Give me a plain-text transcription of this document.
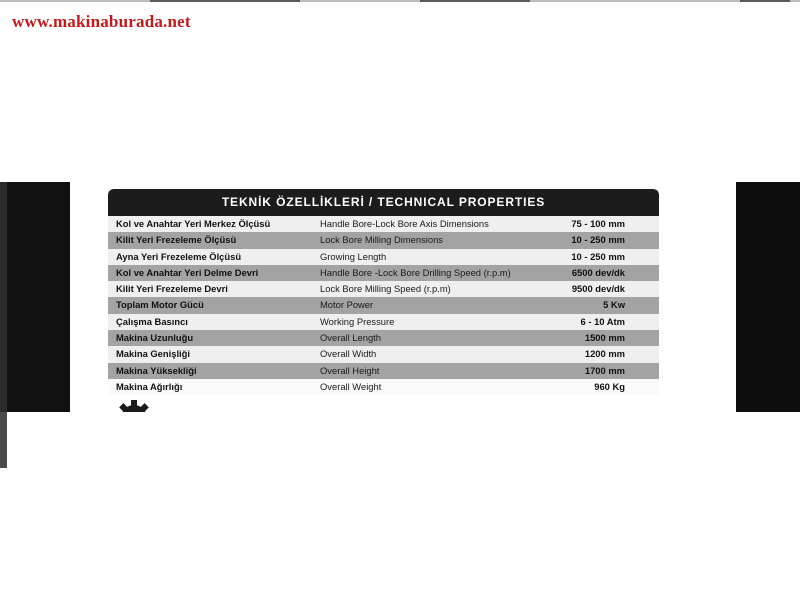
www.makinaburada.net
TEKNİK ÖZELLİKLERİ / TECHNICAL PROPERTIES
Kol ve Anahtar Yeri Merkez Ölçüsü	Handle Bore-Lock Bore Axis Dimensions	75 - 100 mm
Kilit Yeri Frezeleme Ölçüsü	Lock Bore Milling Dimensions	10 - 250 mm
Ayna Yeri Frezeleme Ölçüsü	Growing Length	10 - 250 mm
Kol ve Anahtar Yeri Delme Devri	Handle Bore -Lock Bore Drilling Speed (r.p.m)	6500 dev/dk
Kilit Yeri Frezeleme Devri	Lock Bore Milling Speed (r.p.m)	9500 dev/dk
Toplam Motor Gücü	Motor Power	5 Kw
Çalışma Basıncı	Working Pressure	6 - 10 Atm
Makina Uzunluğu	Overall Length	1500 mm
Makina Genişliği	Overall Width	1200 mm
Makina Yüksekliği	Overall Height	1700 mm
Makina Ağırlığı	Overall Weight	960 Kg
